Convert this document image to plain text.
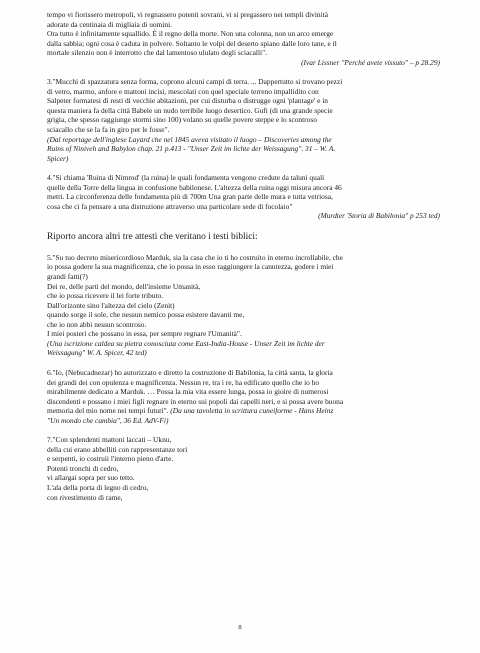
tempo vi fiorissero metropoli, vi regnassero potenti sovrani, vi si pregassero nei templi divinità

adorate da centinaia di migliaia di uomini.

Ora tutto è infinitamente squallido. È il regno della morte. Non una colonna, non un arco emerge

dalla sabbia; ogni cosa è caduta in polvere. Soltanto le volpi del deserto spiano dalle loro tane, e il

mortale silenzio non è interrotto che dal lamentoso ululato degli sciacalli".

(Ivar Lissner "Perché avete vissuto" – p 28.29)

3."Mucchi di spazzatura senza forma, coprono alcuni campi di terra. ... Dappertutto si trovano pezzi

di vetro, marmo, anfore e mattoni incisi, mescolati con quel speciale terreno impallidito con

Salpeter formatesi di resti di vecchie abitazioni, per cui disturba o distrugge ogni 'plantage' e in

questa maniera fa della città Babele un nudo terribile luogo desertico. Gufi (di una grande specie

grigia, che spesso raggiunge stormi sino 100) volano su quelle povere steppe e lo scontroso

sciacallo che se la fa in giro per le fosse".

(Dal reportage dell'inglese Layard che nel 1845 aveva visitato il luogo – Discoveries among the

Ruins of Niniveh and Babylon chap. 21 p.413 - "Unser Zeit im lichte der Weissagung". 31 – W. A.

Spicer)

4."Si chiama 'Ruina di Nimrod' (la ruina) le quali fondamenta vengono credute da taluni quali

quelle della Torre della lingua in confusione babilonese. L'altezza della ruina oggi misura ancora 46

metri. La circonferenza delle fondamenta più di 700m Una gran parte delle mura e tutta vetriosa,

cosa che ci fa pensare a una distruzione attraverso una particolare sede di focolaio"

(Murdter 'Storia di Babilonia" p 253 ted)

Riporto ancora altri tre attesti che veritano i testi biblici:

5."Su tuo decreto misericordioso Marduk, sia la casa che io ti ho costruito in eterno incrollabile, che

io possa godere la sua magnificenza, che io possa in esso raggiungere la canutezza, godere i miei

grandi fatti(?)

Dei re, delle parti del mondo, dell'insieme Umanità,

che io possa ricevere il lei forte tributo.

Dall'orizonte sino l'altezza del cielo (Zenit)

quando sorge il sole, che nessun nemico possa esistere davanti me,

che io non abbi nessun scontroso.

I miei posteri che possano in essa, per sempre regnare l'Umanità".

(Una iscrizione caldea su pietra conosciuta come East-India-House - Unser Zeit im lichte der

Weissagung" W. A. Spicer, 42 ted)

6."Io, (Nebucadnezar) ho autorizzato e diretto la costruzione di Babilonia, la città santa, la gloria

dei grandi dei con opulenza e magnificenza. Nessun re, tra i re, ha edificato quello che io ho

mirabilmente dedicato a Marduk. … Possa la mia vita essere lunga, possa io gioire di numerosi

discendenti e possano i miei figli regnare in eterno sui popoli dai capelli neri, e si possa avere buona

memoria del mio nome nei tempi futuri". (Da una tavoletta in scrittura cuneiforme - Hans Heinz

"Un mondo che cambia", 36 Ed. AdV-Fi)

7."Con splendenti mattoni laccati – Uknu,

della cui erano abbelliti con rappresentanze tori

e serpenti, io costruii l'interno pieno d'arte.

Potenti tronchi di cedro,

vi allargai sopra per suo tetto.

L'ala della porta di legno di cedro,

con rivestimento di rame,

8
